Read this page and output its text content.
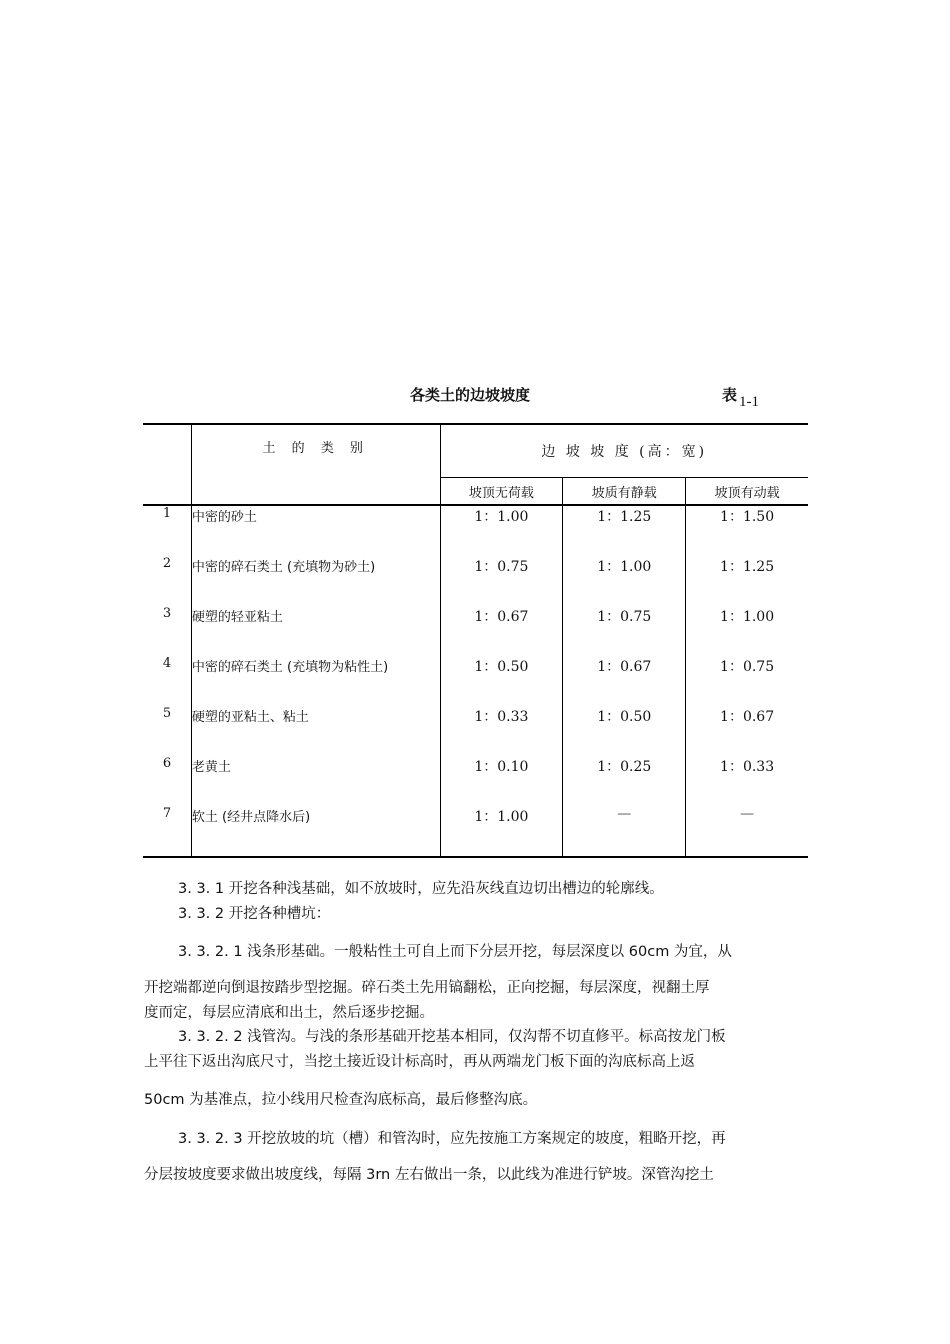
各类土的边坡坡度	表 1-1
	土 的 类 别	边 坡 坡 度 (高：宽)		
		坡顶无荷载	坡质有静载	坡顶有动载
1	中密的砂土	1：1.00	1：1.25	1：1.50
2	中密的碎石类土 (充填物为砂土)	1：0.75	1：1.00	1：1.25
3	硬塑的轻亚粘土	1：0.67	1：0.75	1：1.00
4	中密的碎石类土 (充填物为粘性土)	1：0.50	1：0.67	1：0.75
5	硬塑的亚粘土、粘土	1：0.33	1：0.50	1：0.67
6	老黄土	1：0.10	1：0.25	1：0.33
7	软土 (经井点降水后)	1：1.00	—	—
3. 3. 1 开挖各种浅基础，如不放坡时，应先沿灰线直边切出槽边的轮廓线。
3. 3. 2 开挖各种槽坑：
3. 3. 2. 1 浅条形基础。一般粘性土可自上而下分层开挖，每层深度以 60cm 为宜，从
开挖端都逆向倒退按踏步型挖掘。碎石类土先用镐翻松，正向挖掘，每层深度，视翻土厚
度而定，每层应清底和出土，然后逐步挖掘。
3. 3. 2. 2 浅管沟。与浅的条形基础开挖基本相同，仅沟帮不切直修平。标高按龙门板
上平往下返出沟底尺寸，当挖土接近设计标高时，再从两端龙门板下面的沟底标高上返
50cm 为基准点，拉小线用尺检查沟底标高，最后修整沟底。
3. 3. 2. 3 开挖放坡的坑（槽）和管沟时，应先按施工方案规定的坡度，粗略开挖，再
分层按坡度要求做出坡度线，每隔 3rn 左右做出一条，以此线为准进行铲坡。深管沟挖土
